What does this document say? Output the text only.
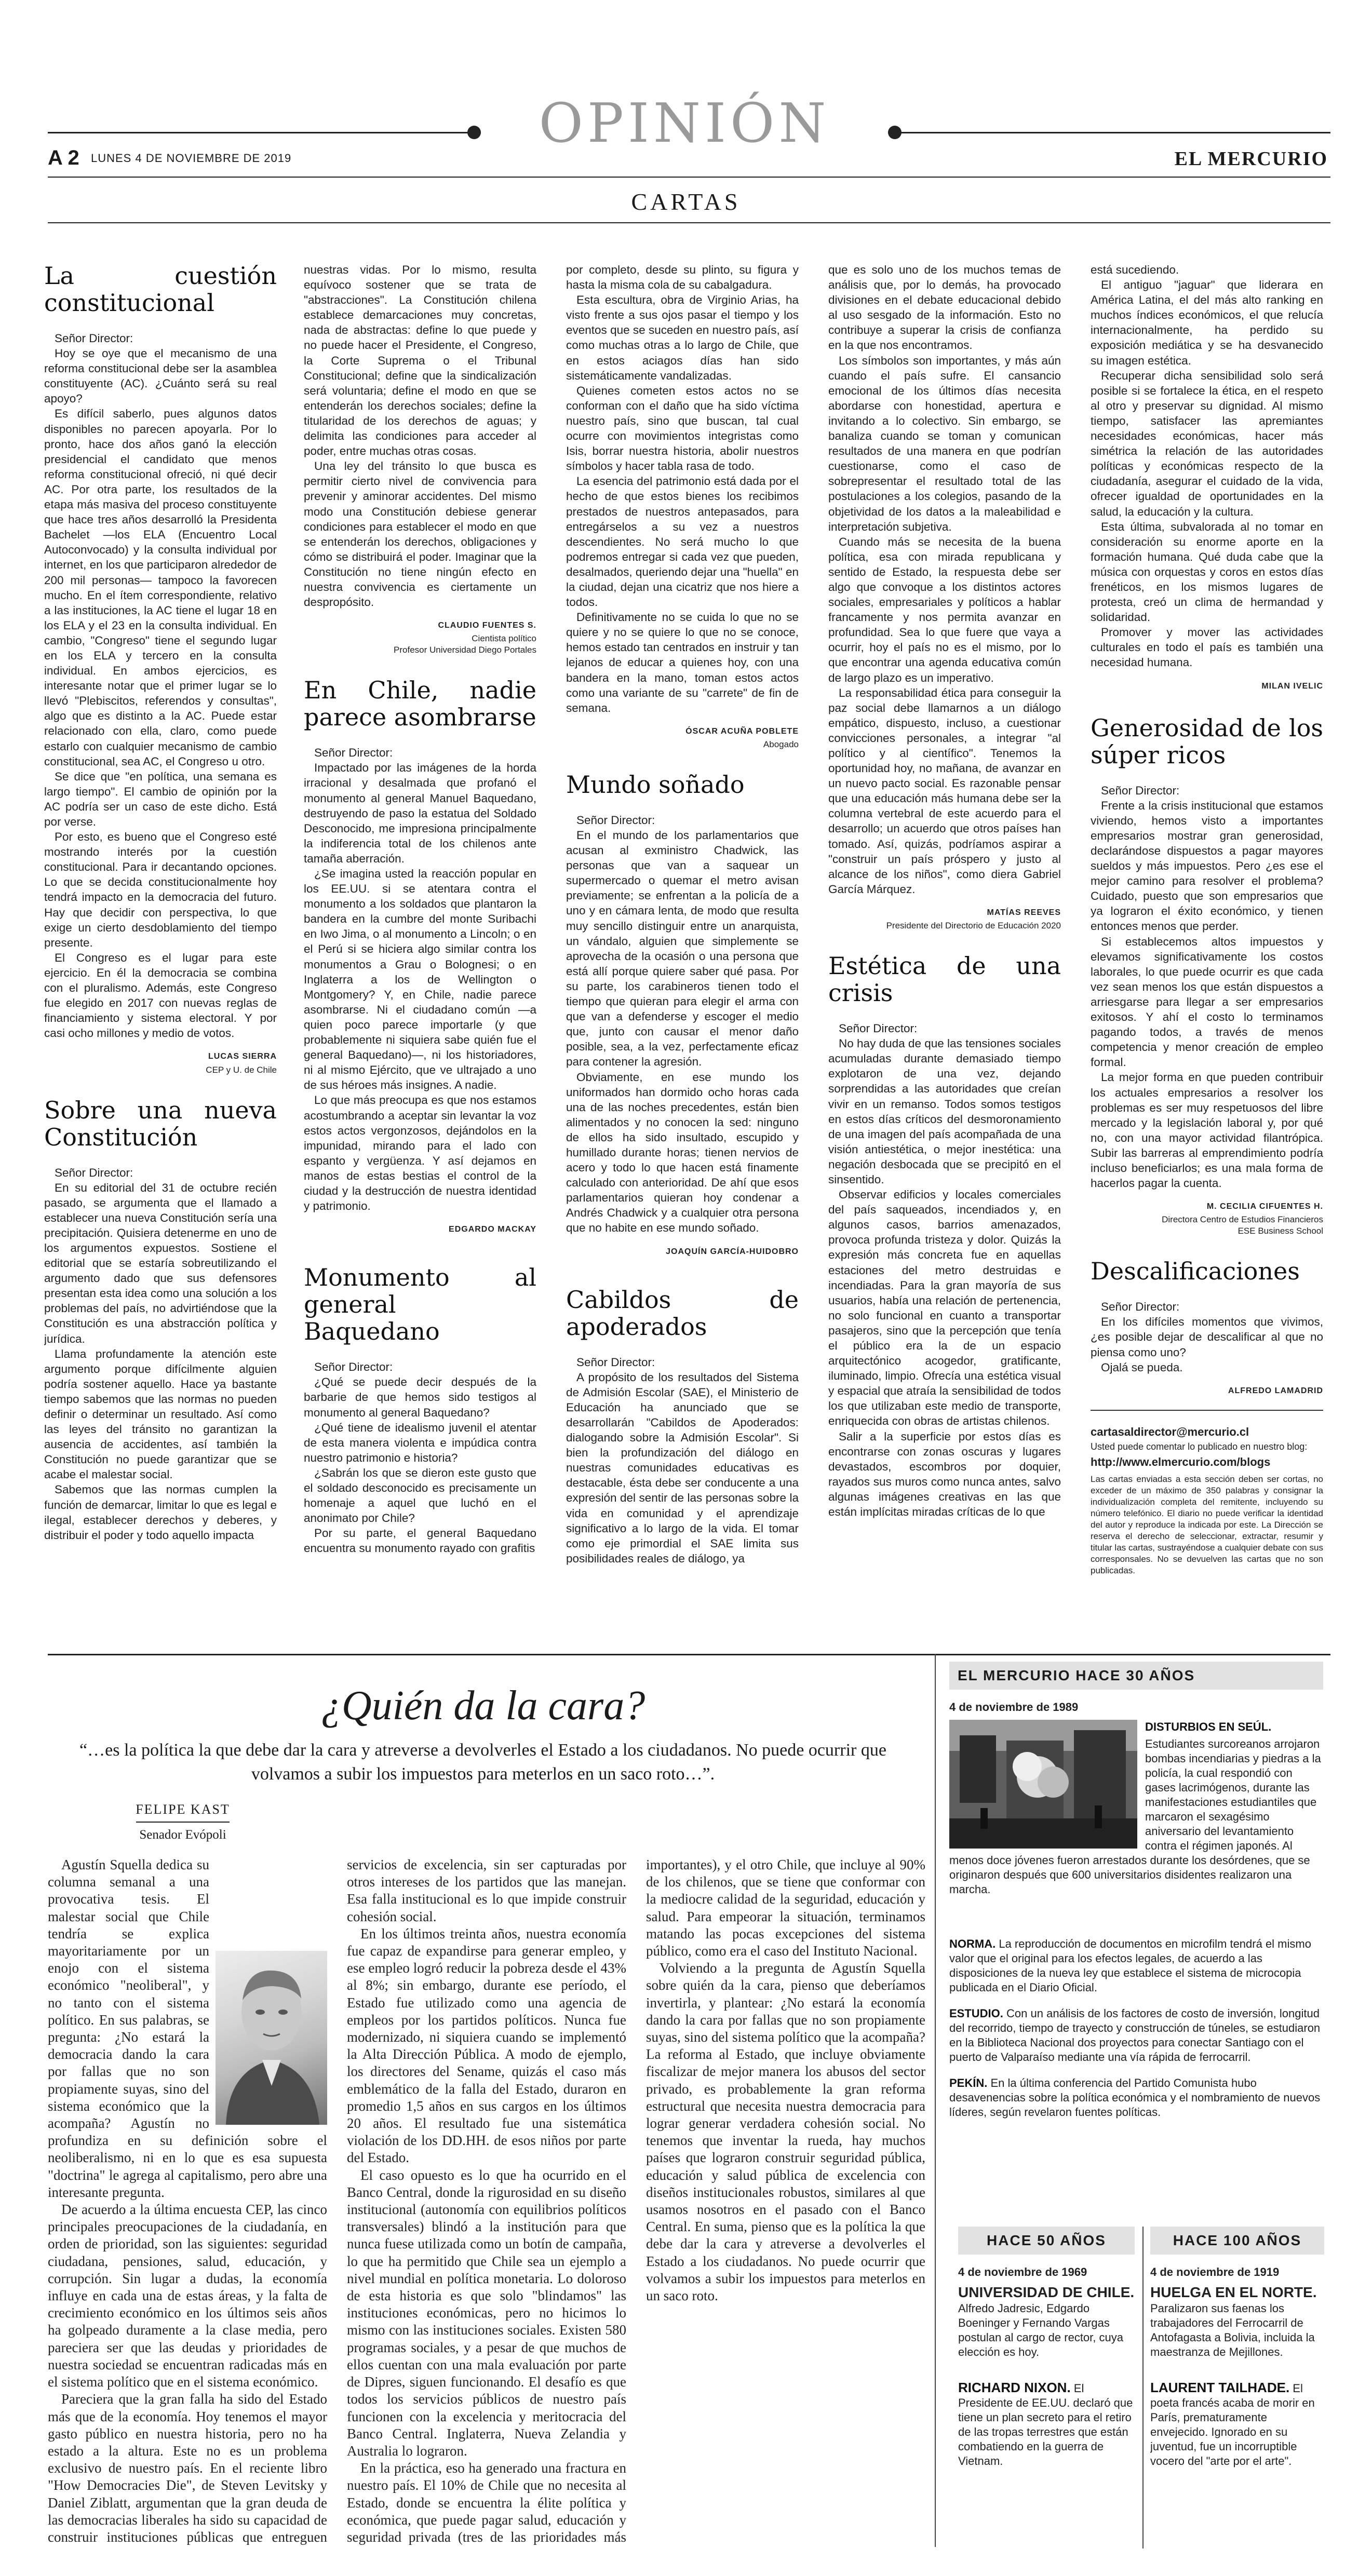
OPINIÓN
A 2 LUNES 4 DE NOVIEMBRE DE 2019	EL MERCURIO
CARTAS
La cuestión constitucional

Señor Director:

Hoy se oye que el mecanismo de una reforma constitucional debe ser la asamblea constituyente (AC). ¿Cuánto será su real apoyo?

Es difícil saberlo, pues algunos datos disponibles no parecen apoyarla. Por lo pronto, hace dos años ganó la elección presidencial el candidato que menos reforma constitucional ofreció, ni qué decir AC. Por otra parte, los resultados de la etapa más masiva del proceso constituyente que hace tres años desarrolló la Presidenta Bachelet —los ELA (Encuentro Local Autoconvocado) y la consulta individual por internet, en los que participaron alrededor de 200 mil personas— tampoco la favorecen mucho. En el ítem correspondiente, relativo a las instituciones, la AC tiene el lugar 18 en los ELA y el 23 en la consulta individual. En cambio, "Congreso" tiene el segundo lugar en los ELA y tercero en la consulta individual. En ambos ejercicios, es interesante notar que el primer lugar se lo llevó "Plebiscitos, referendos y consultas", algo que es distinto a la AC. Puede estar relacionado con ella, claro, como puede estarlo con cualquier mecanismo de cambio constitucional, sea AC, el Congreso u otro.

Se dice que "en política, una semana es largo tiempo". El cambio de opinión por la AC podría ser un caso de este dicho. Está por verse.

Por esto, es bueno que el Congreso esté mostrando interés por la cuestión constitucional. Para ir decantando opciones. Lo que se decida constitucionalmente hoy tendrá impacto en la democracia del futuro. Hay que decidir con perspectiva, lo que exige un cierto desdoblamiento del tiempo presente.

El Congreso es el lugar para este ejercicio. En él la democracia se combina con el pluralismo. Además, este Congreso fue elegido en 2017 con nuevas reglas de financiamiento y sistema electoral. Y por casi ocho millones y medio de votos.

LUCAS SIERRA
CEP y U. de Chile
Sobre una nueva Constitución

Señor Director:

En su editorial del 31 de octubre recién pasado, se argumenta que el llamado a establecer una nueva Constitución sería una precipitación. Quisiera detenerme en uno de los argumentos expuestos. Sostiene el editorial que se estaría sobreutilizando el argumento dado que sus defensores presentan esta idea como una solución a los problemas del país, no advirtiéndose que la Constitución es una abstracción política y jurídica.

Llama profundamente la atención este argumento porque difícilmente alguien podría sostener aquello. Hace ya bastante tiempo sabemos que las normas no pueden definir o determinar un resultado. Así como las leyes del tránsito no garantizan la ausencia de accidentes, así también la Constitución no puede garantizar que se acabe el malestar social.

Sabemos que las normas cumplen la función de demarcar, limitar lo que es legal e ilegal, establecer derechos y deberes, y distribuir el poder y todo aquello impacta

nuestras vidas. Por lo mismo, resulta equívoco sostener que se trata de "abstracciones". La Constitución chilena establece demarcaciones muy concretas, nada de abstractas: define lo que puede y no puede hacer el Presidente, el Congreso, la Corte Suprema o el Tribunal Constitucional; define que la sindicalización será voluntaria; define el modo en que se entenderán los derechos sociales; define la titularidad de los derechos de aguas; y delimita las condiciones para acceder al poder, entre muchas otras cosas.

Una ley del tránsito lo que busca es permitir cierto nivel de convivencia para prevenir y aminorar accidentes. Del mismo modo una Constitución debiese generar condiciones para establecer el modo en que se entenderán los derechos, obligaciones y cómo se distribuirá el poder. Imaginar que la Constitución no tiene ningún efecto en nuestra convivencia es ciertamente un despropósito.

CLAUDIO FUENTES S.
Cientista político
Profesor Universidad Diego Portales
En Chile, nadie parece asombrarse

Señor Director:

Impactado por las imágenes de la horda irracional y desalmada que profanó el monumento al general Manuel Baquedano, destruyendo de paso la estatua del Soldado Desconocido, me impresiona principalmente la indiferencia total de los chilenos ante tamaña aberración.

¿Se imagina usted la reacción popular en los EE.UU. si se atentara contra el monumento a los soldados que plantaron la bandera en la cumbre del monte Suribachi en Iwo Jima, o al monumento a Lincoln; o en el Perú si se hiciera algo similar contra los monumentos a Grau o Bolognesi; o en Inglaterra a los de Wellington o Montgomery? Y, en Chile, nadie parece asombrarse. Ni el ciudadano común —a quien poco parece importarle (y que probablemente ni siquiera sabe quién fue el general Baquedano)—, ni los historiadores, ni al mismo Ejército, que ve ultrajado a uno de sus héroes más insignes. A nadie.

Lo que más preocupa es que nos estamos acostumbrando a aceptar sin levantar la voz estos actos vergonzosos, dejándolos en la impunidad, mirando para el lado con espanto y vergüenza. Y así dejamos en manos de estas bestias el control de la ciudad y la destrucción de nuestra identidad y patrimonio.

EDGARDO MACKAY
Monumento al general Baquedano

Señor Director:

¿Qué se puede decir después de la barbarie de que hemos sido testigos al monumento al general Baquedano?

¿Qué tiene de idealismo juvenil el atentar de esta manera violenta e impúdica contra nuestro patrimonio e historia?

¿Sabrán los que se dieron este gusto que el soldado desconocido es precisamente un homenaje a aquel que luchó en el anonimato por Chile?

Por su parte, el general Baquedano encuentra su monumento rayado con grafitis

por completo, desde su plinto, su figura y hasta la misma cola de su cabalgadura.

Esta escultura, obra de Virginio Arias, ha visto frente a sus ojos pasar el tiempo y los eventos que se suceden en nuestro país, así como muchas otras a lo largo de Chile, que en estos aciagos días han sido sistemáticamente vandalizadas.

Quienes cometen estos actos no se conforman con el daño que ha sido víctima nuestro país, sino que buscan, tal cual ocurre con movimientos integristas como Isis, borrar nuestra historia, abolir nuestros símbolos y hacer tabla rasa de todo.

La esencia del patrimonio está dada por el hecho de que estos bienes los recibimos prestados de nuestros antepasados, para entregárselos a su vez a nuestros descendientes. No será mucho lo que podremos entregar si cada vez que pueden, desalmados, queriendo dejar una "huella" en la ciudad, dejan una cicatriz que nos hiere a todos.

Definitivamente no se cuida lo que no se quiere y no se quiere lo que no se conoce, hemos estado tan centrados en instruir y tan lejanos de educar a quienes hoy, con una bandera en la mano, toman estos actos como una variante de su "carrete" de fin de semana.

ÓSCAR ACUÑA POBLETE
Abogado
Mundo soñado

Señor Director:

En el mundo de los parlamentarios que acusan al exministro Chadwick, las personas que van a saquear un supermercado o quemar el metro avisan previamente; se enfrentan a la policía de a uno y en cámara lenta, de modo que resulta muy sencillo distinguir entre un anarquista, un vándalo, alguien que simplemente se aprovecha de la ocasión o una persona que está allí porque quiere saber qué pasa. Por su parte, los carabineros tienen todo el tiempo que quieran para elegir el arma con que van a defenderse y escoger el medio que, junto con causar el menor daño posible, sea, a la vez, perfectamente eficaz para contener la agresión.

Obviamente, en ese mundo los uniformados han dormido ocho horas cada una de las noches precedentes, están bien alimentados y no conocen la sed: ninguno de ellos ha sido insultado, escupido y humillado durante horas; tienen nervios de acero y todo lo que hacen está finamente calculado con anterioridad. De ahí que esos parlamentarios quieran hoy condenar a Andrés Chadwick y a cualquier otra persona que no habite en ese mundo soñado.

JOAQUÍN GARCÍA-HUIDOBRO
Cabildos de apoderados

Señor Director:

A propósito de los resultados del Sistema de Admisión Escolar (SAE), el Ministerio de Educación ha anunciado que se desarrollarán "Cabildos de Apoderados: dialogando sobre la Admisión Escolar". Si bien la profundización del diálogo en nuestras comunidades educativas es destacable, ésta debe ser conducente a una expresión del sentir de las personas sobre la vida en comunidad y el aprendizaje significativo a lo largo de la vida. El tomar como eje primordial el SAE limita sus posibilidades reales de diálogo, ya

que es solo uno de los muchos temas de análisis que, por lo demás, ha provocado divisiones en el debate educacional debido al uso sesgado de la información. Esto no contribuye a superar la crisis de confianza en la que nos encontramos.

Los símbolos son importantes, y más aún cuando el país sufre. El cansancio emocional de los últimos días necesita abordarse con honestidad, apertura e invitando a lo colectivo. Sin embargo, se banaliza cuando se toman y comunican resultados de una manera en que podrían cuestionarse, como el caso de sobrepresentar el resultado total de las postulaciones a los colegios, pasando de la objetividad de los datos a la maleabilidad e interpretación subjetiva.

Cuando más se necesita de la buena política, esa con mirada republicana y sentido de Estado, la respuesta debe ser algo que convoque a los distintos actores sociales, empresariales y políticos a hablar francamente y nos permita avanzar en profundidad. Sea lo que fuere que vaya a ocurrir, hoy el país no es el mismo, por lo que encontrar una agenda educativa común de largo plazo es un imperativo.

La responsabilidad ética para conseguir la paz social debe llamarnos a un diálogo empático, dispuesto, incluso, a cuestionar convicciones personales, a integrar "al político y al científico". Tenemos la oportunidad hoy, no mañana, de avanzar en un nuevo pacto social. Es razonable pensar que una educación más humana debe ser la columna vertebral de este acuerdo para el desarrollo; un acuerdo que otros países han tomado. Así, quizás, podríamos aspirar a "construir un país próspero y justo al alcance de los niños", como diera Gabriel García Márquez.

MATÍAS REEVES
Presidente del Directorio de Educación 2020
Estética de una crisis

Señor Director:

No hay duda de que las tensiones sociales acumuladas durante demasiado tiempo explotaron de una vez, dejando sorprendidas a las autoridades que creían vivir en un remanso. Todos somos testigos en estos días críticos del desmoronamiento de una imagen del país acompañada de una visión antiestética, o mejor inestética: una negación desbocada que se precipitó en el sinsentido.

Observar edificios y locales comerciales del país saqueados, incendiados y, en algunos casos, barrios amenazados, provoca profunda tristeza y dolor. Quizás la expresión más concreta fue en aquellas estaciones del metro destruidas e incendiadas. Para la gran mayoría de sus usuarios, había una relación de pertenencia, no solo funcional en cuanto a transportar pasajeros, sino que la percepción que tenía el público era la de un espacio arquitectónico acogedor, gratificante, iluminado, limpio. Ofrecía una estética visual y espacial que atraía la sensibilidad de todos los que utilizaban este medio de transporte, enriquecida con obras de artistas chilenos.

Salir a la superficie por estos días es encontrarse con zonas oscuras y lugares devastados, escombros por doquier, rayados sus muros como nunca antes, salvo algunas imágenes creativas en las que están implícitas miradas críticas de lo que

está sucediendo.

El antiguo "jaguar" que liderara en América Latina, el del más alto ranking en muchos índices económicos, el que relucía internacionalmente, ha perdido su exposición mediática y se ha desvanecido su imagen estética.

Recuperar dicha sensibilidad solo será posible si se fortalece la ética, en el respeto al otro y preservar su dignidad. Al mismo tiempo, satisfacer las apremiantes necesidades económicas, hacer más simétrica la relación de las autoridades políticas y económicas respecto de la ciudadanía, asegurar el cuidado de la vida, ofrecer igualdad de oportunidades en la salud, la educación y la cultura.

Esta última, subvalorada al no tomar en consideración su enorme aporte en la formación humana. Qué duda cabe que la música con orquestas y coros en estos días frenéticos, en los mismos lugares de protesta, creó un clima de hermandad y solidaridad.

Promover y mover las actividades culturales en todo el país es también una necesidad humana.

MILAN IVELIC
Generosidad de los súper ricos

Señor Director:

Frente a la crisis institucional que estamos viviendo, hemos visto a importantes empresarios mostrar gran generosidad, declarándose dispuestos a pagar mayores sueldos y más impuestos. Pero ¿es ese el mejor camino para resolver el problema? Cuidado, puesto que son empresarios que ya lograron el éxito económico, y tienen entonces menos que perder.

Si establecemos altos impuestos y elevamos significativamente los costos laborales, lo que puede ocurrir es que cada vez sean menos los que están dispuestos a arriesgarse para llegar a ser empresarios exitosos. Y ahí el costo lo terminamos pagando todos, a través de menos competencia y menor creación de empleo formal.

La mejor forma en que pueden contribuir los actuales empresarios a resolver los problemas es ser muy respetuosos del libre mercado y la legislación laboral y, por qué no, con una mayor actividad filantrópica. Subir las barreras al emprendimiento podría incluso beneficiarlos; es una mala forma de hacerlos pagar la cuenta.

M. CECILIA CIFUENTES H.
Directora Centro de Estudios Financieros
ESE Business School
Descalificaciones

Señor Director:

En los difíciles momentos que vivimos, ¿es posible dejar de descalificar al que no piensa como uno?

Ojalá se pueda.

ALFREDO LAMADRID
cartasaldirector@mercurio.cl
Usted puede comentar lo publicado en nuestro blog:
http://www.elmercurio.com/blogs
Las cartas enviadas a esta sección deben ser cortas, no exceder de un máximo de 350 palabras y consignar la individualización completa del remitente, incluyendo su número telefónico. El diario no puede verificar la identidad del autor y reproduce la indicada por este. La Dirección se reserva el derecho de seleccionar, extractar, resumir y titular las cartas, sustrayéndose a cualquier debate con sus corresponsales. No se devuelven las cartas que no son publicadas.
¿Quién da la cara?
“…es la política la que debe dar la cara y atreverse a devolverles el Estado a los ciudadanos. No puede ocurrir que volvamos a subir los impuestos para meterlos en un saco roto…”.
FELIPE KAST
Senador Evópoli

Agustín Squella dedica su columna semanal a una provocativa tesis. El malestar social que Chile tendría se explica mayoritariamente por un enojo con el sistema económico "neoliberal", y no tanto con el sistema político. En sus palabras, se pregunta: ¿No estará la democracia dando la cara por fallas que no son propiamente suyas, sino del sistema económico que la acompaña? Agustín no profundiza en su definición sobre el neoliberalismo, ni en lo que es esa supuesta "doctrina" le agrega al capitalismo, pero abre una interesante pregunta.

De acuerdo a la última encuesta CEP, las cinco principales preocupaciones de la ciudadanía, en orden de prioridad, son las siguientes: seguridad ciudadana, pensiones, salud, educación, y corrupción. Sin lugar a dudas, la economía influye en cada una de estas áreas, y la falta de crecimiento económico en los últimos seis años ha golpeado duramente a la clase media, pero pareciera ser que las deudas y prioridades de nuestra sociedad se encuentran radicadas más en el sistema político que en el sistema económico.

Pareciera que la gran falla ha sido del Estado más que de la economía. Hoy tenemos el mayor gasto público en nuestra historia, pero no ha estado a la altura. Este no es un problema exclusivo de nuestro país. En el reciente libro "How Democracies Die", de Steven Levitsky y Daniel Ziblatt, argumentan que la gran deuda de las democracias liberales ha sido su capacidad de construir instituciones públicas que entreguen servicios de excelencia, sin ser capturadas por otros intereses de los partidos que las manejan. Esa falla institucional es lo que impide construir cohesión social.

En los últimos treinta años, nuestra economía fue capaz de expandirse para generar empleo, y ese empleo logró reducir la pobreza desde el 43% al 8%; sin embargo, durante ese período, el Estado fue utilizado como una agencia de empleos por los partidos políticos. Nunca fue modernizado, ni siquiera cuando se implementó la Alta Dirección Pública. A modo de ejemplo, los directores del Sename, quizás el caso más emblemático de la falla del Estado, duraron en promedio 1,5 años en sus cargos en los últimos 20 años. El resultado fue una sistemática violación de los DD.HH. de esos niños por parte del Estado.

El caso opuesto es lo que ha ocurrido en el Banco Central, donde la rigurosidad en su diseño institucional (autonomía con equilibrios políticos transversales) blindó a la institución para que nunca fuese utilizada como un botín de campaña, lo que ha permitido que Chile sea un ejemplo a nivel mundial en política monetaria. Lo doloroso de esta historia es que solo "blindamos" las instituciones económicas, pero no hicimos lo mismo con las instituciones sociales. Existen 580 programas sociales, y a pesar de que muchos de ellos cuentan con una mala evaluación por parte de Dipres, siguen funcionando. El desafío es que todos los servicios públicos de nuestro país funcionen con la excelencia y meritocracia del Banco Central. Inglaterra, Nueva Zelandia y Australia lo lograron.

En la práctica, eso ha generado una fractura en nuestro país. El 10% de Chile que no necesita al Estado, donde se encuentra la élite política y económica, que puede pagar salud, educación y seguridad privada (tres de las prioridades más importantes), y el otro Chile, que incluye al 90% de los chilenos, que se tiene que conformar con la mediocre calidad de la seguridad, educación y salud. Para empeorar la situación, terminamos matando las pocas excepciones del sistema público, como era el caso del Instituto Nacional.

Volviendo a la pregunta de Agustín Squella sobre quién da la cara, pienso que deberíamos invertirla, y plantear: ¿No estará la economía dando la cara por fallas que no son propiamente suyas, sino del sistema político que la acompaña? La reforma al Estado, que incluye obviamente fiscalizar de mejor manera los abusos del sector privado, es probablemente la gran reforma estructural que necesita nuestra democracia para lograr generar verdadera cohesión social. No tenemos que inventar la rueda, hay muchos países que lograron construir seguridad pública, educación y salud pública de excelencia con diseños institucionales robustos, similares al que usamos nosotros en el pasado con el Banco Central. En suma, pienso que es la política la que debe dar la cara y atreverse a devolverles el Estado a los ciudadanos. No puede ocurrir que volvamos a subir los impuestos para meterlos en un saco roto.

EL MERCURIO HACE 30 AÑOS
4 de noviembre de 1989
DISTURBIOS EN SEÚL.
Estudiantes surcoreanos arrojaron bombas incendiarias y piedras a la policía, la cual respondió con gases lacrimógenos, durante las manifestaciones estudiantiles que marcaron el sexagésimo aniversario del levantamiento contra el régimen japonés. Al menos doce jóvenes fueron arrestados durante los desórdenes, que se originaron después que 600 universitarios disidentes realizaron una marcha.

NORMA. La reproducción de documentos en microfilm tendrá el mismo valor que el original para los efectos legales, de acuerdo a las disposiciones de la nueva ley que establece el sistema de microcopia publicada en el Diario Oficial.

ESTUDIO. Con un análisis de los factores de costo de inversión, longitud del recorrido, tiempo de trayecto y construcción de túneles, se estudiaron en la Biblioteca Nacional dos proyectos para conectar Santiago con el puerto de Valparaíso mediante una vía rápida de ferrocarril.

PEKÍN. En la última conferencia del Partido Comunista hubo desavenencias sobre la política económica y el nombramiento de nuevos líderes, según revelaron fuentes políticas.

HACE 50 AÑOS
4 de noviembre de 1969
UNIVERSIDAD DE CHILE.
Alfredo Jadresic, Edgardo Boeninger y Fernando Vargas postulan al cargo de rector, cuya elección es hoy.

RICHARD NIXON. El Presidente de EE.UU. declaró que tiene un plan secreto para el retiro de las tropas terrestres que están combatiendo en la guerra de Vietnam.

HACE 100 AÑOS
4 de noviembre de 1919
HUELGA EN EL NORTE.
Paralizaron sus faenas los trabajadores del Ferrocarril de Antofagasta a Bolivia, incluida la maestranza de Mejillones.

LAURENT TAILHADE. El poeta francés acaba de morir en París, prematuramente envejecido. Ignorado en su juventud, fue un incorruptible vocero del "arte por el arte".
